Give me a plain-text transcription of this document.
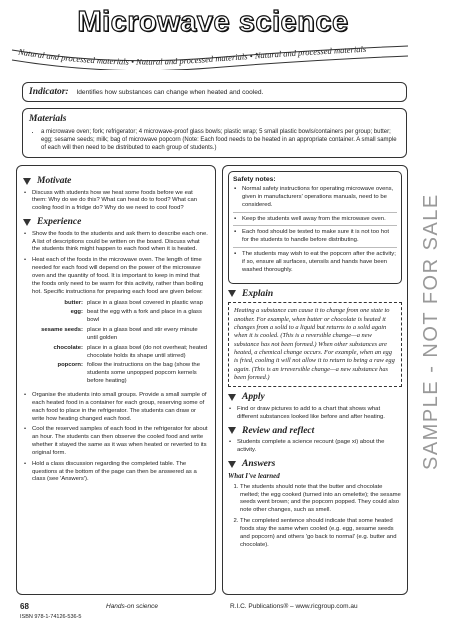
Microwave science
Natural and processed materials • Natural and processed materials • Natural and processed materials
Indicator: Identifies how substances can change when heated and cooled.
Materials
• a microwave oven; fork; refrigerator; 4 microwave-proof glass bowls; plastic wrap; 5 small plastic bowls/containers per group; butter; egg; sesame seeds; milk; bag of microwave popcorn (Note: Each food needs to be heated in an appropriate container. A small sample of each will then need to be distributed to each group of students.)
Motivate
• Discuss with students how we heat some foods before we eat them: Why do we do this? What can heat do to food? What can cooling food in a fridge do? Why do we need to cool food?
Experience
• Show the foods to the students and ask them to describe each one. A list of descriptions could be written on the board. Discuss what the students think might happen to each food when it is heated.
• Heat each of the foods in the microwave oven. The length of time needed for each food will depend on the power of the microwave oven and the quantity of food. It is important to keep in mind that the foods only need to be warm for this activity, rather than boiling hot. Specific instructions for preparing each food are given below:
butter: place in a glass bowl covered in plastic wrap
egg: beat the egg with a fork and place in a glass bowl
sesame seeds: place in a glass bowl and stir every minute until golden
chocolate: place in a glass bowl (do not overheat; heated chocolate holds its shape until stirred)
popcorn: follow the instructions on the bag (show the students some unpopped popcorn kernels before heating)
• Organise the students into small groups. Provide a small sample of each heated food in a container for each group, reserving some of each food to place in the refrigerator. The students can draw or write how heating changed each food.
• Cool the reserved samples of each food in the refrigerator for about an hour. The students can then observe the cooled food and write whether it stayed the same as it was when heated or reverted to its original form.
• Hold a class discussion regarding the completed table. The questions at the bottom of the page can then be answered as a class (see 'Answers').
Safety notes:
▪ Normal safety instructions for operating microwave ovens, given in manufacturers' operations manuals, need to be considered.
▪ Keep the students well away from the microwave oven.
▪ Each food should be tested to make sure it is not too hot for the students to handle before distributing.
▪ The students may wish to eat the popcorn after the activity; if so, ensure all surfaces, utensils and hands have been washed thoroughly.
Explain
Heating a substance can cause it to change from one state to another. For example, when butter or chocolate is heated it changes from a solid to a liquid but returns to a solid again when it is cooled. (This is a reversible change—a new substance has not been formed.) When other substances are heated, a chemical change occurs. For example, when an egg is fried, cooling it will not allow it to return to being a raw egg again. (This is an irreversible change—a new substance has been formed.)
Apply
• Find or draw pictures to add to a chart that shows what different substances looked like before and after heating.
Review and reflect
• Students complete a science recount (page xi) about the activity.
Answers
What I've learned
1. The students should note that the butter and chocolate melted; the egg cooked (turned into an omelette); the sesame seeds went brown; and the popcorn popped. They could also note other changes, such as smell.
2. The completed sentence should indicate that some heated foods stay the same when cooled (e.g. egg, sesame seeds and popcorn) and others 'go back to normal' (e.g. butter and chocolate).
68	Hands-on science	R.I.C. Publications® – www.ricgroup.com.au
ISBN 978-1-74126-536-5
SAMPLE - NOT FOR SALE
